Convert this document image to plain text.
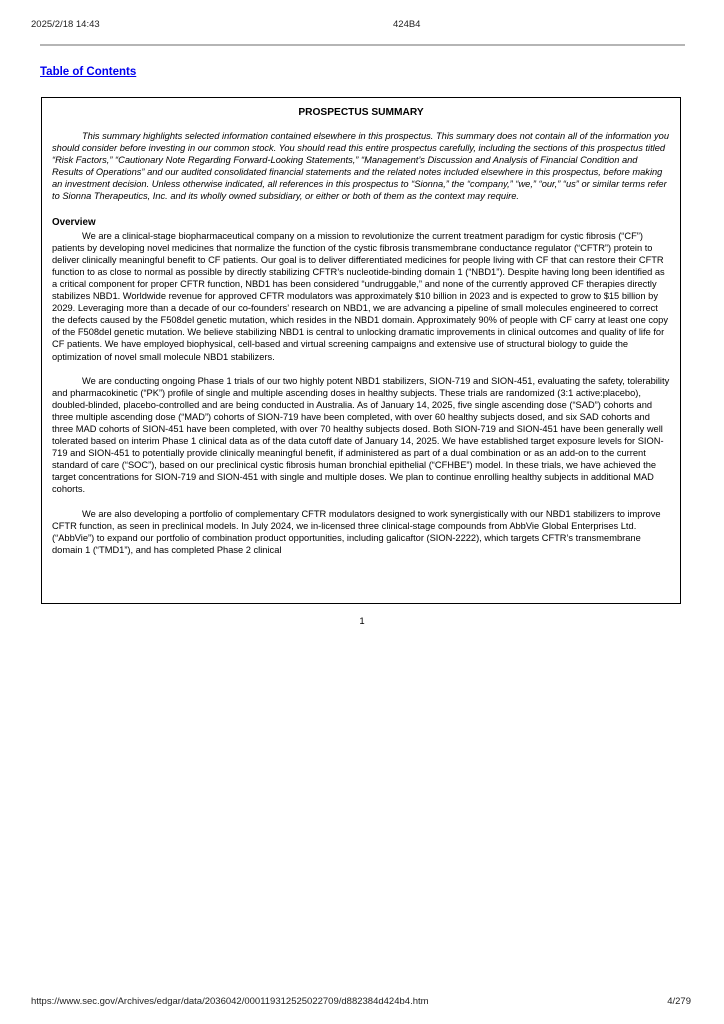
2025/2/18 14:43	424B4
Table of Contents

PROSPECTUS SUMMARY

This summary highlights selected information contained elsewhere in this prospectus. This summary does not contain all of the information you should consider before investing in our common stock. You should read this entire prospectus carefully, including the sections of this prospectus titled “Risk Factors,” “Cautionary Note Regarding Forward-Looking Statements,” “Management’s Discussion and Analysis of Financial Condition and Results of Operations” and our audited consolidated financial statements and the related notes included elsewhere in this prospectus, before making an investment decision. Unless otherwise indicated, all references in this prospectus to “Sionna,” the “company,” “we,” “our,” “us” or similar terms refer to Sionna Therapeutics, Inc. and its wholly owned subsidiary, or either or both of them as the context may require.

Overview

We are a clinical-stage biopharmaceutical company on a mission to revolutionize the current treatment paradigm for cystic fibrosis (“CF”) patients by developing novel medicines that normalize the function of the cystic fibrosis transmembrane conductance regulator (“CFTR”) protein to deliver clinically meaningful benefit to CF patients. Our goal is to deliver differentiated medicines for people living with CF that can restore their CFTR function to as close to normal as possible by directly stabilizing CFTR’s nucleotide-binding domain 1 (“NBD1”). Despite having long been identified as a critical component for proper CFTR function, NBD1 has been considered “undruggable,” and none of the currently approved CF therapies directly stabilizes NBD1. Worldwide revenue for approved CFTR modulators was approximately $10 billion in 2023 and is expected to grow to $15 billion by 2029. Leveraging more than a decade of our co-founders’ research on NBD1, we are advancing a pipeline of small molecules engineered to correct the defects caused by the F508del genetic mutation, which resides in the NBD1 domain. Approximately 90% of people with CF carry at least one copy of the F508del genetic mutation. We believe stabilizing NBD1 is central to unlocking dramatic improvements in clinical outcomes and quality of life for CF patients. We have employed biophysical, cell-based and virtual screening campaigns and extensive use of structural biology to guide the optimization of novel small molecule NBD1 stabilizers.

We are conducting ongoing Phase 1 trials of our two highly potent NBD1 stabilizers, SION-719 and SION-451, evaluating the safety, tolerability and pharmacokinetic (“PK”) profile of single and multiple ascending doses in healthy subjects. These trials are randomized (3:1 active:placebo), doubled-blinded, placebo-controlled and are being conducted in Australia. As of January 14, 2025, five single ascending dose (“SAD”) cohorts and three multiple ascending dose (“MAD”) cohorts of SION-719 have been completed, with over 60 healthy subjects dosed, and six SAD cohorts and three MAD cohorts of SION-451 have been completed, with over 70 healthy subjects dosed. Both SION-719 and SION-451 have been generally well tolerated based on interim Phase 1 clinical data as of the data cutoff date of January 14, 2025. We have established target exposure levels for SION-719 and SION-451 to potentially provide clinically meaningful benefit, if administered as part of a dual combination or as an add-on to the current standard of care (“SOC”), based on our preclinical cystic fibrosis human bronchial epithelial (“CFHBE”) model. In these trials, we have achieved the target concentrations for SION-719 and SION-451 with single and multiple doses. We plan to continue enrolling healthy subjects in additional MAD cohorts.

We are also developing a portfolio of complementary CFTR modulators designed to work synergistically with our NBD1 stabilizers to improve CFTR function, as seen in preclinical models. In July 2024, we in-licensed three clinical-stage compounds from AbbVie Global Enterprises Ltd. (“AbbVie”) to expand our portfolio of combination product opportunities, including galicaftor (SION-2222), which targets CFTR’s transmembrane domain 1 (“TMD1”), and has completed Phase 2 clinical

1
https://www.sec.gov/Archives/edgar/data/2036042/000119312525022709/d882384d424b4.htm	4/279
